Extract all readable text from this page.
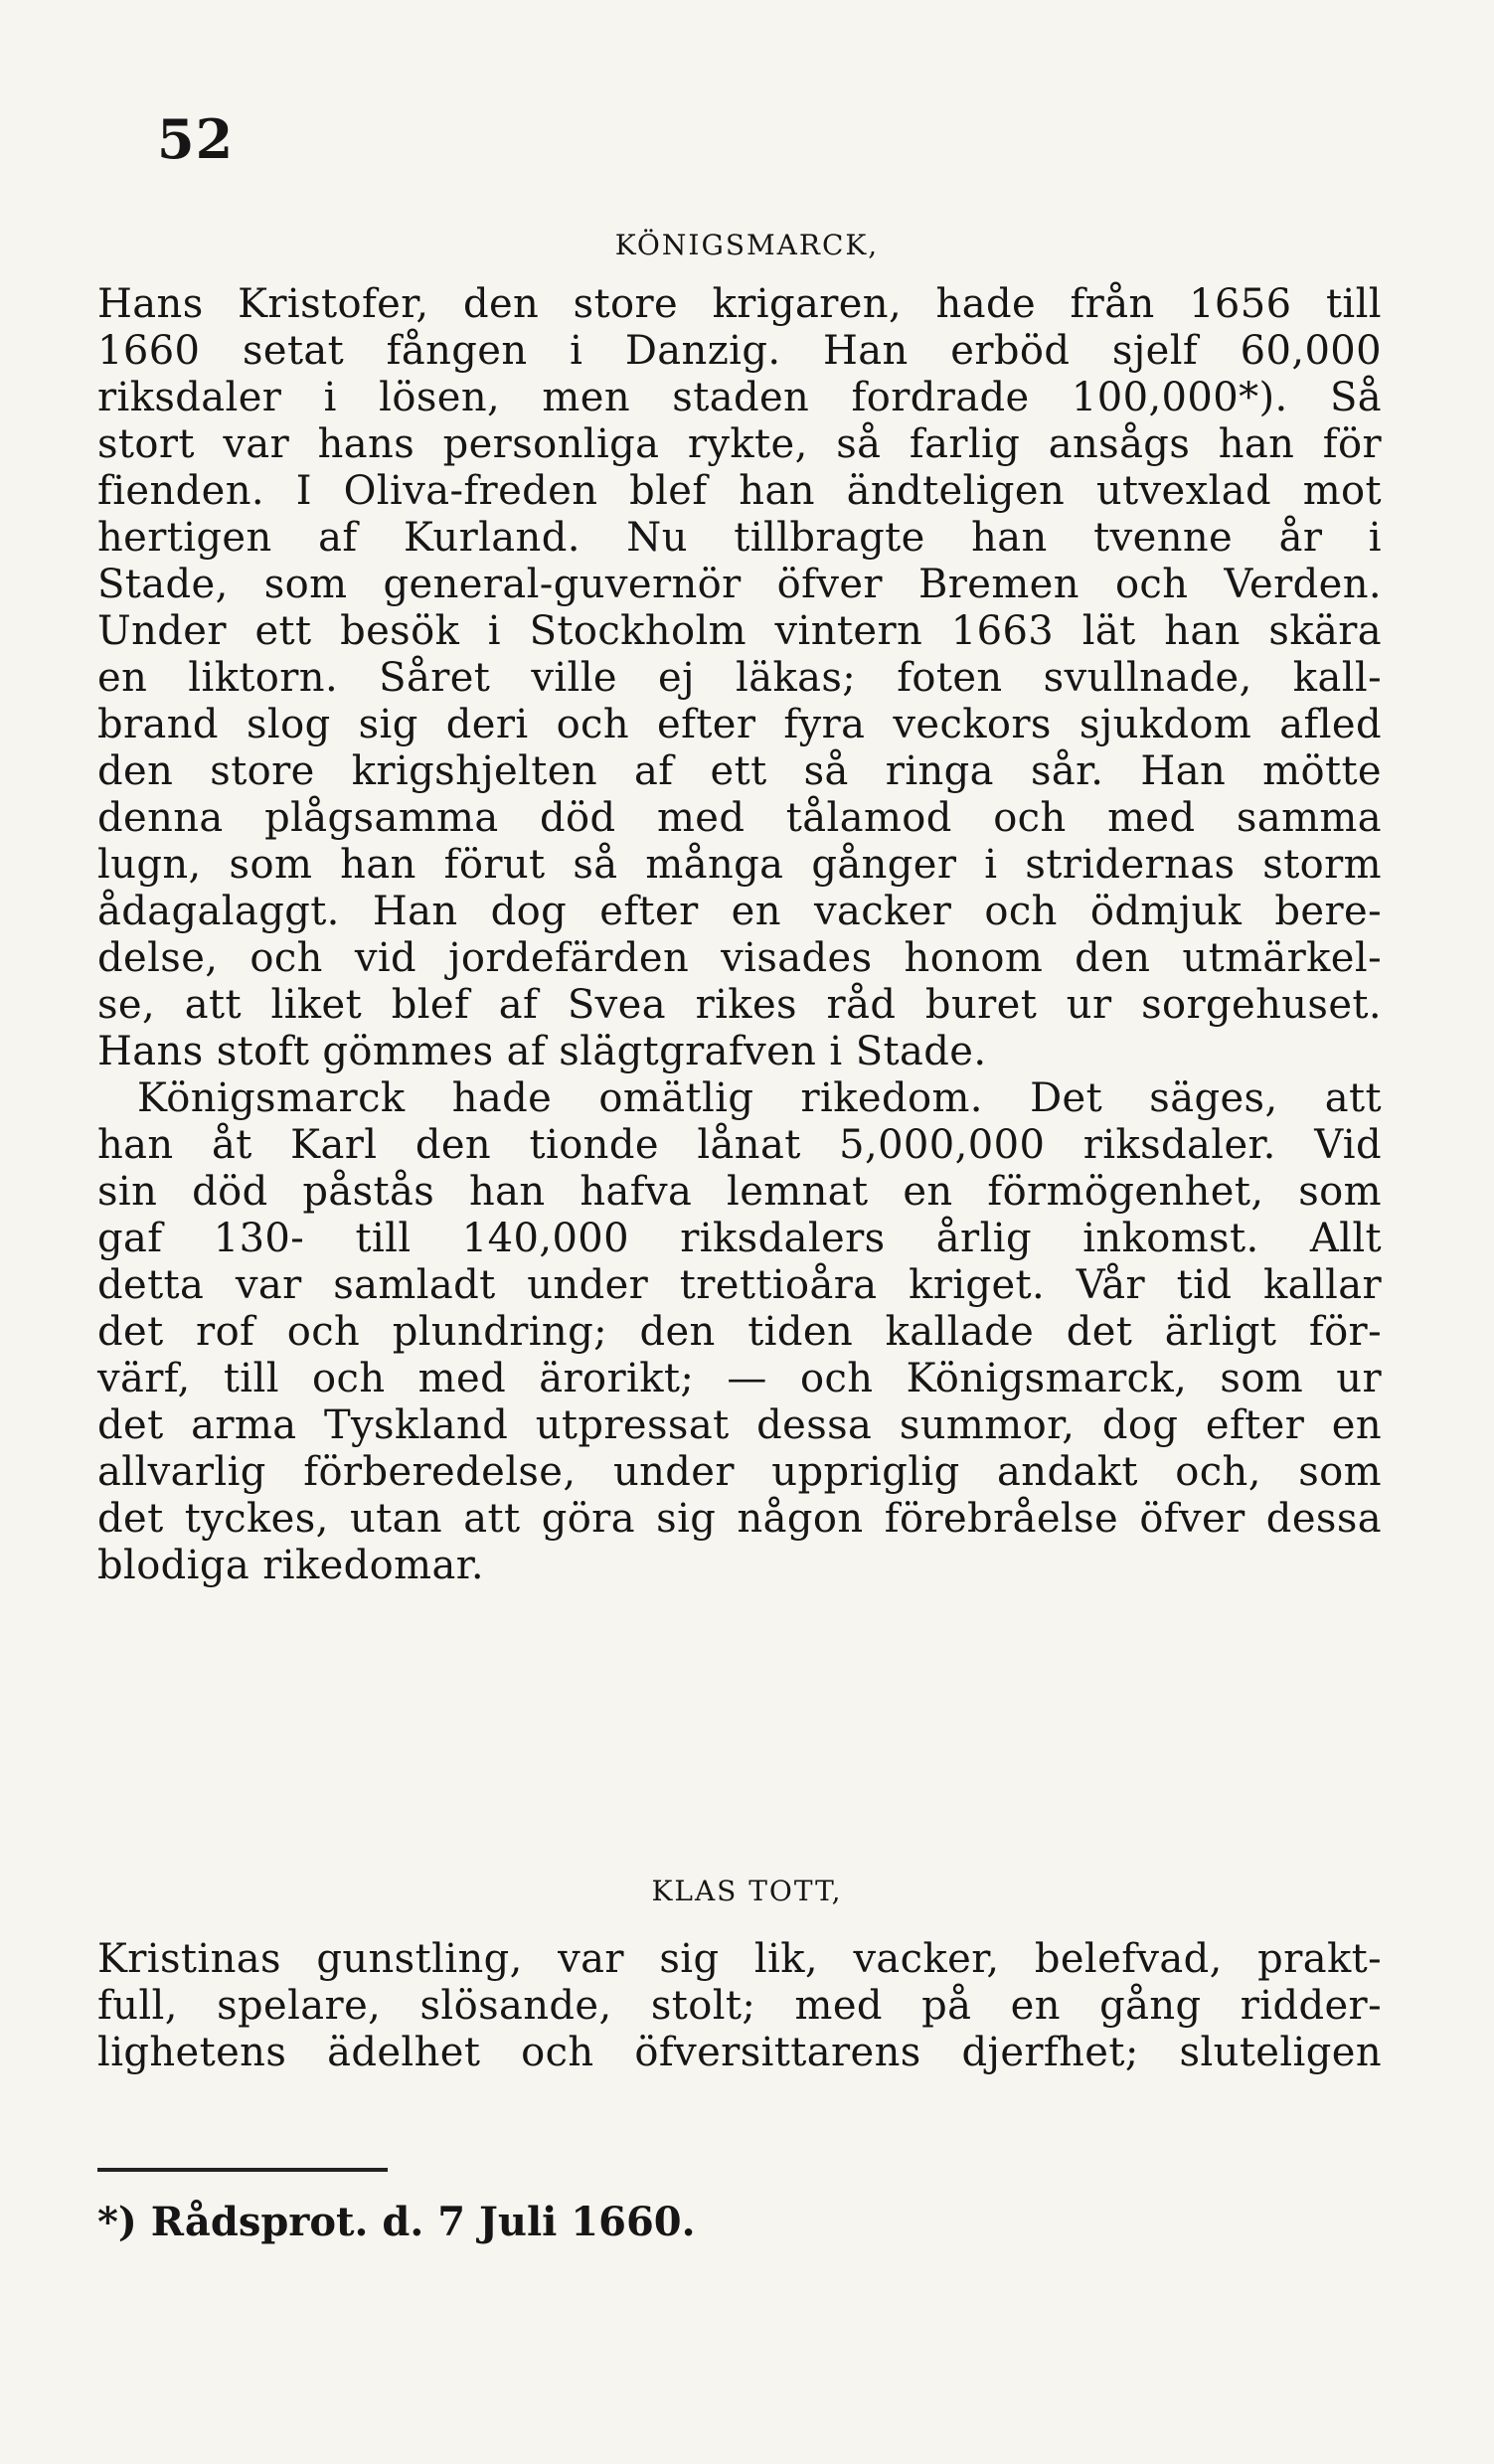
52
KÖNIGSMARCK,
Hans Kristofer, den store krigaren, hade från 1656 till
1660 setat fången i Danzig. Han erböd sjelf 60,000
riksdaler i lösen, men staden fordrade 100,000*). Så
stort var hans personliga rykte, så farlig ansågs han för
fienden. I Oliva-freden blef han ändteligen utvexlad mot
hertigen af Kurland. Nu tillbragte han tvenne år i
Stade, som general-guvernör öfver Bremen och Verden.
Under ett besök i Stockholm vintern 1663 lät han skära
en liktorn. Såret ville ej läkas; foten svullnade, kall-
brand slog sig deri och efter fyra veckors sjukdom afled
den store krigshjelten af ett så ringa sår. Han mötte
denna plågsamma död med tålamod och med samma
lugn, som han förut så många gånger i stridernas storm
ådagalaggt. Han dog efter en vacker och ödmjuk bere-
delse, och vid jordefärden visades honom den utmärkel-
se, att liket blef af Svea rikes råd buret ur sorgehuset.
Hans stoft gömmes af slägtgrafven i Stade.
Königsmarck hade omätlig rikedom. Det säges, att
han åt Karl den tionde lånat 5,000,000 riksdaler. Vid
sin död påstås han hafva lemnat en förmögenhet, som
gaf 130- till 140,000 riksdalers årlig inkomst. Allt
detta var samladt under trettioåra kriget. Vår tid kallar
det rof och plundring; den tiden kallade det ärligt för-
värf, till och med ärorikt; — och Königsmarck, som ur
det arma Tyskland utpressat dessa summor, dog efter en
allvarlig förberedelse, under uppriglig andakt och, som
det tyckes, utan att göra sig någon förebråelse öfver dessa
blodiga rikedomar.
KLAS TOTT,
Kristinas gunstling, var sig lik, vacker, belefvad, prakt-
full, spelare, slösande, stolt; med på en gång ridder-
lighetens ädelhet och öfversittarens djerfhet; sluteligen
*) Rådsprot. d. 7 Juli 1660.
